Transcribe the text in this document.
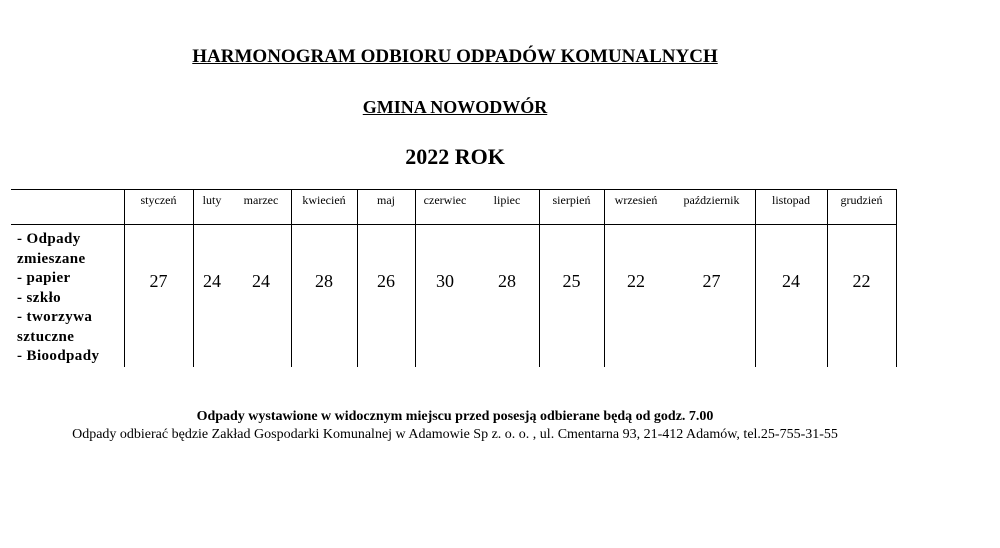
HARMONOGRAM ODBIORU ODPADÓW KOMUNALNYCH
GMINA NOWODWÓR
2022 ROK
- Odpady
zmieszane
- papier
- szkło
- tworzywa
sztuczne
- Bioodpady
styczeń	luty	marzec	kwiecień	maj	czerwiec	lipiec	sierpień	wrzesień	październik	listopad	grudzień
27	24	24	28	26	30	28	25	22	27	24	22

Odpady wystawione w widocznym miejscu przed posesją odbierane będą od godz. 7.00

Odpady odbierać będzie Zakład Gospodarki Komunalnej w Adamowie Sp z. o. o. , ul. Cmentarna 93, 21-412 Adamów, tel.25-755-31-55
